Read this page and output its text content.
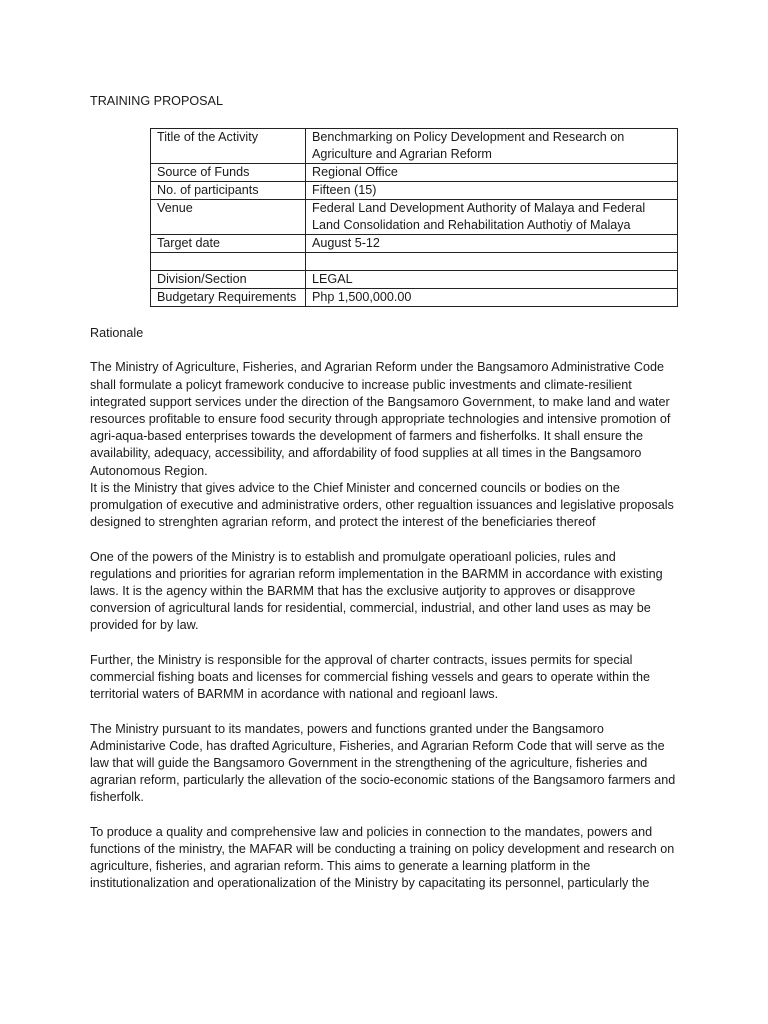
TRAINING PROPOSAL
Title of the Activity	Benchmarking on Policy Development and Research on Agriculture and Agrarian Reform
Source of Funds	Regional Office
No. of participants	Fifteen (15)
Venue	Federal Land Development Authority of Malaya and Federal Land Consolidation and Rehabilitation Authotiy of Malaya
Target date	August 5-12

Division/Section	LEGAL
Budgetary Requirements	Php 1,500,000.00

Rationale

The Ministry of Agriculture, Fisheries, and Agrarian Reform under the Bangsamoro Administrative Code shall formulate a policyt framework conducive to increase public investments and climate-resilient integrated support services under the direction of the Bangsamoro Government, to make land and water resources profitable to ensure food security through appropriate technologies and intensive promotion of agri-aqua-based enterprises towards the development of farmers and fisherfolks. It shall ensure the availability, adequacy, accessibility, and affordability of food supplies at all times in the Bangsamoro Autonomous Region.

It is the Ministry that gives advice to the Chief Minister and concerned councils or bodies on the promulgation of executive and administrative orders, other regualtion issuances and legislative proposals designed to strenghten agrarian reform, and protect the interest of the beneficiaries thereof

One of the powers of the Ministry is to establish and promulgate operatioanl policies, rules and regulations and priorities for agrarian reform implementation in the BARMM in accordance with existing laws. It is the agency within the BARMM that has the exclusive autjority to approves or disapprove conversion of agricultural lands for residential, commercial, industrial, and other land uses as may be provided for by law.

Further, the Ministry is responsible for the approval of charter contracts, issues permits for special commercial fishing boats and licenses for commercial fishing vessels and gears to operate within the territorial waters of BARMM in acordance with national and regioanl laws.

The Ministry pursuant to its mandates, powers and functions granted under the Bangsamoro Administarive Code, has drafted Agriculture, Fisheries, and Agrarian Reform Code that will serve as the law that will guide the Bangsamoro Government in the strengthening of the agriculture, fisheries and agrarian reform, particularly the allevation of the socio-economic stations of the Bangsamoro farmers and fisherfolk.

To produce a quality and comprehensive law and policies in connection to the mandates, powers and functions of the ministry, the MAFAR will be conducting a training on policy development and research on agriculture, fisheries, and agrarian reform. This aims to generate a learning platform in the institutionalization and operationalization of the Ministry by capacitating its personnel, particularly the
